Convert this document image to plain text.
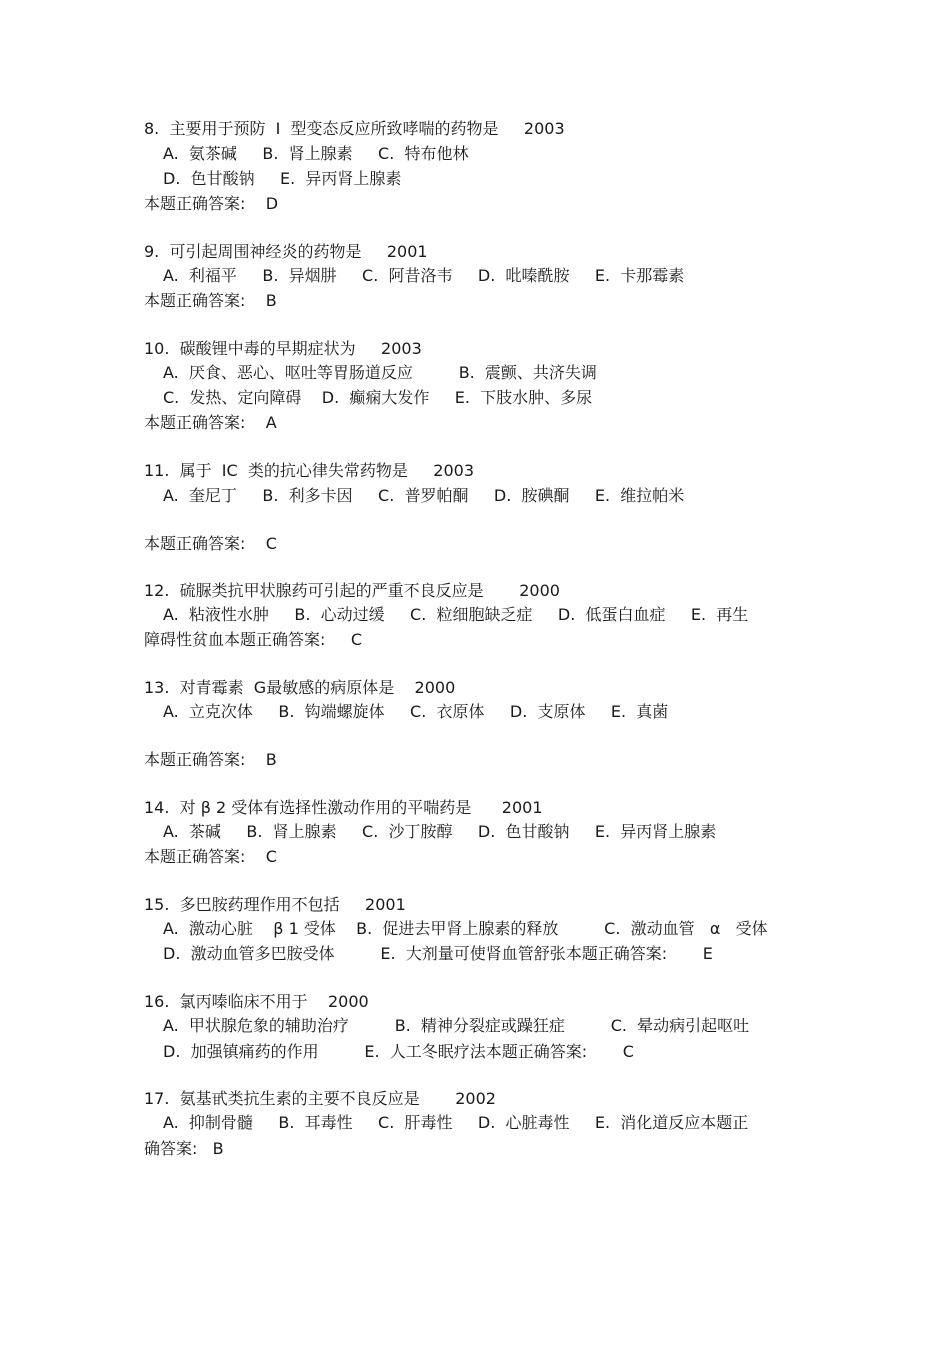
8.  主要用于预防  I  型变态反应所致哮喘的药物是     2003

A.  氨茶碱     B.  肾上腺素     C.  特布他林

D.  色甘酸钠     E.  异丙肾上腺素

本题正确答案:    D

9.  可引起周围神经炎的药物是     2001

A.  利福平     B.  异烟肼     C.  阿昔洛韦     D.  吡嗪酰胺     E.  卡那霉素

本题正确答案:    B

10.  碳酸锂中毒的早期症状为     2003

A.  厌食、恶心、呕吐等胃肠道反应         B.  震颤、共济失调

C.  发热、定向障碍    D.  癫痫大发作     E.  下肢水肿、多尿

本题正确答案:    A

11.  属于  IC  类的抗心律失常药物是     2003

A.  奎尼丁     B.  利多卡因     C.  普罗帕酮     D.  胺碘酮     E.  维拉帕米

本题正确答案:    C

12.  硫脲类抗甲状腺药可引起的严重不良反应是       2000

A.  粘液性水肿     B.  心动过缓     C.  粒细胞缺乏症     D.  低蛋白血症     E.  再生

障碍性贫血本题正确答案:     C

13.  对青霉素  G最敏感的病原体是    2000

A.  立克次体     B.  钩端螺旋体     C.  衣原体     D.  支原体     E.  真菌

本题正确答案:    B

14.  对 β 2 受体有选择性激动作用的平喘药是      2001

A.  茶碱     B.  肾上腺素     C.  沙丁胺醇     D.  色甘酸钠     E.  异丙肾上腺素

本题正确答案:    C

15.  多巴胺药理作用不包括     2001

A.  激动心脏    β 1 受体    B.  促进去甲肾上腺素的释放         C.  激动血管   α   受体

D.  激动血管多巴胺受体         E.  大剂量可使肾血管舒张本题正确答案:       E

16.  氯丙嗪临床不用于    2000

A.  甲状腺危象的辅助治疗         B.  精神分裂症或躁狂症         C.  晕动病引起呕吐

D.  加强镇痛药的作用         E.  人工冬眠疗法本题正确答案:       C

17.  氨基甙类抗生素的主要不良反应是       2002

A.  抑制骨髓     B.  耳毒性     C.  肝毒性     D.  心脏毒性     E.  消化道反应本题正

确答案:   B
